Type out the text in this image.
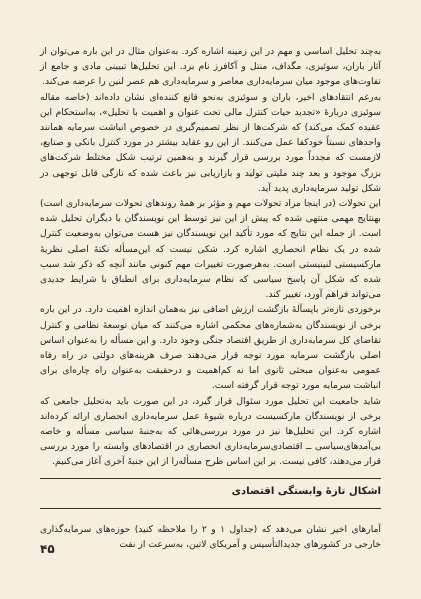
به‌چند تحلیل اساسی و مهم در این زمینه اشاره کرد. به‌عنوان مثال در این باره می‌توان از آثار باران، سوئیزی، مگداف، منتل و آکافرز نام برد. این تحلیل‌ها تبیینی مادی و جامع از تفاوت‌های موجود میان سرمایه‌داری معاصر و سرمایه‌داری هم عصر لنین را عرضه می‌کند.

به‌رغم انتقادهای اخیر، باران و سوئیزی به‌نحو قانع کننده‌ای نشان داده‌اند (خاصه مقاله سوئیزی دربارهٔ «تجدید حیات کنترل مالی تحت عنوان و اهمیت با تحلیل»، به‌استحکام این عقیده کمک می‌کند) که شرکت‌ها از نظر تصمیم‌گیری در خصوص انباشت سرمایه همانند واحدهای نسبتاً خودکفا عمل می‌کنند. از این رو عقاید بیشتر در مورد کنترل بانکی و صنایع، لازمست که مجدداً مورد بررسی قرار گیرند و به‌همین ترتیب شکل مختلط شرکت‌های بزرگ موجود و بعد چند ملیتی تولید و بازاریابی نیز باعث شده که تازگی قابل توجهی در شکل تولید سرمایه‌داری پدید آید.

این تحولات (در اینجا مراد تحولات مهم و مؤثر بر همهٔ روندهای تحولات سرمایه‌داری است) بهنتایج مهمی منتهی شده که پیش از این نیز توسط این نویسندگان با دیگران تحلیل شده است. از جمله این نتایج که مورد تأکید این نویسندگان نیز هست می‌توان به‌وضعیت کنترل شده در یک نظام انحصاری اشاره کرد. شکی نیست که این‌مسأله نکتهٔ اصلی نظریهٔ مارکسیستی لنینیستی است. به‌هرصورت تغییرات مهم کنونی مانند آنچه که ذکر شد سبب شده که شکل آن پاسخ سیاسی که نظام سرمایه‌داری برای انطباق با شرایط جدیدی می‌تواند فراهم آورد، تغییر کند.

برخوردی تازه‌تر باپسآلهٔ بازگشت ارزش اضافی نیز به‌همان اندازه اهمیت دارد. در این باره برخی از نویسندگان به‌شماره‌های محکمی اشاره می‌کنند که میان توسعهٔ نظامی و کنترل تقاضای کل سرمایه‌داری از طریق اقتصاد جنگی وجود دارد. و این مسأله را به‌عنوان اساس اصلی بازگشت سرمایه مورد توجه قرار می‌دهند صرف هزینه‌های دولتی در راه رفاه عمومی به‌عنوان مبحثی ثانوی اما نه کم‌اهمیت و درحقیقت به‌عنوان راه چاره‌ای برای انباشت سرمایه مورد توجه قرار گرفته است.

شاید جامعیت این تحلیل مورد سئوال قرار گیرد، در این صورت باید به‌تحلیل جامعی که برخی از نویسندگان مارکسیست درباره شیوهٔ عمل سرمایه‌داری انحصاری ارائه کرده‌اند اشاره کرد. این تحلیل‌ها نیز در مورد بررسی‌هائی که به‌جنبهٔ سیاسی مسأله و خاصه بی‌آمدهای‌سیاسی ــ اقتصادی‌سرمایه‌داری انحصاری در اقتصادهای وابسته را مورد بررسی قرار می‌دهند، کافی نیست. بر این اساس طرح مسأله‌را از این جنبهٔ آخری آغاز می‌کنیم.

اشکال تازهٔ وابستگی اقتصادی

آمارهای اخیر نشان می‌دهد که (جداول ۱ و ۲ را ملاحظه کنید) حوزه‌های سرمایه‌گذاری خارجی در کشورهای جدیدالتأسیس و آمریکای لاتین، به‌سرعت از نفت

۴۵
